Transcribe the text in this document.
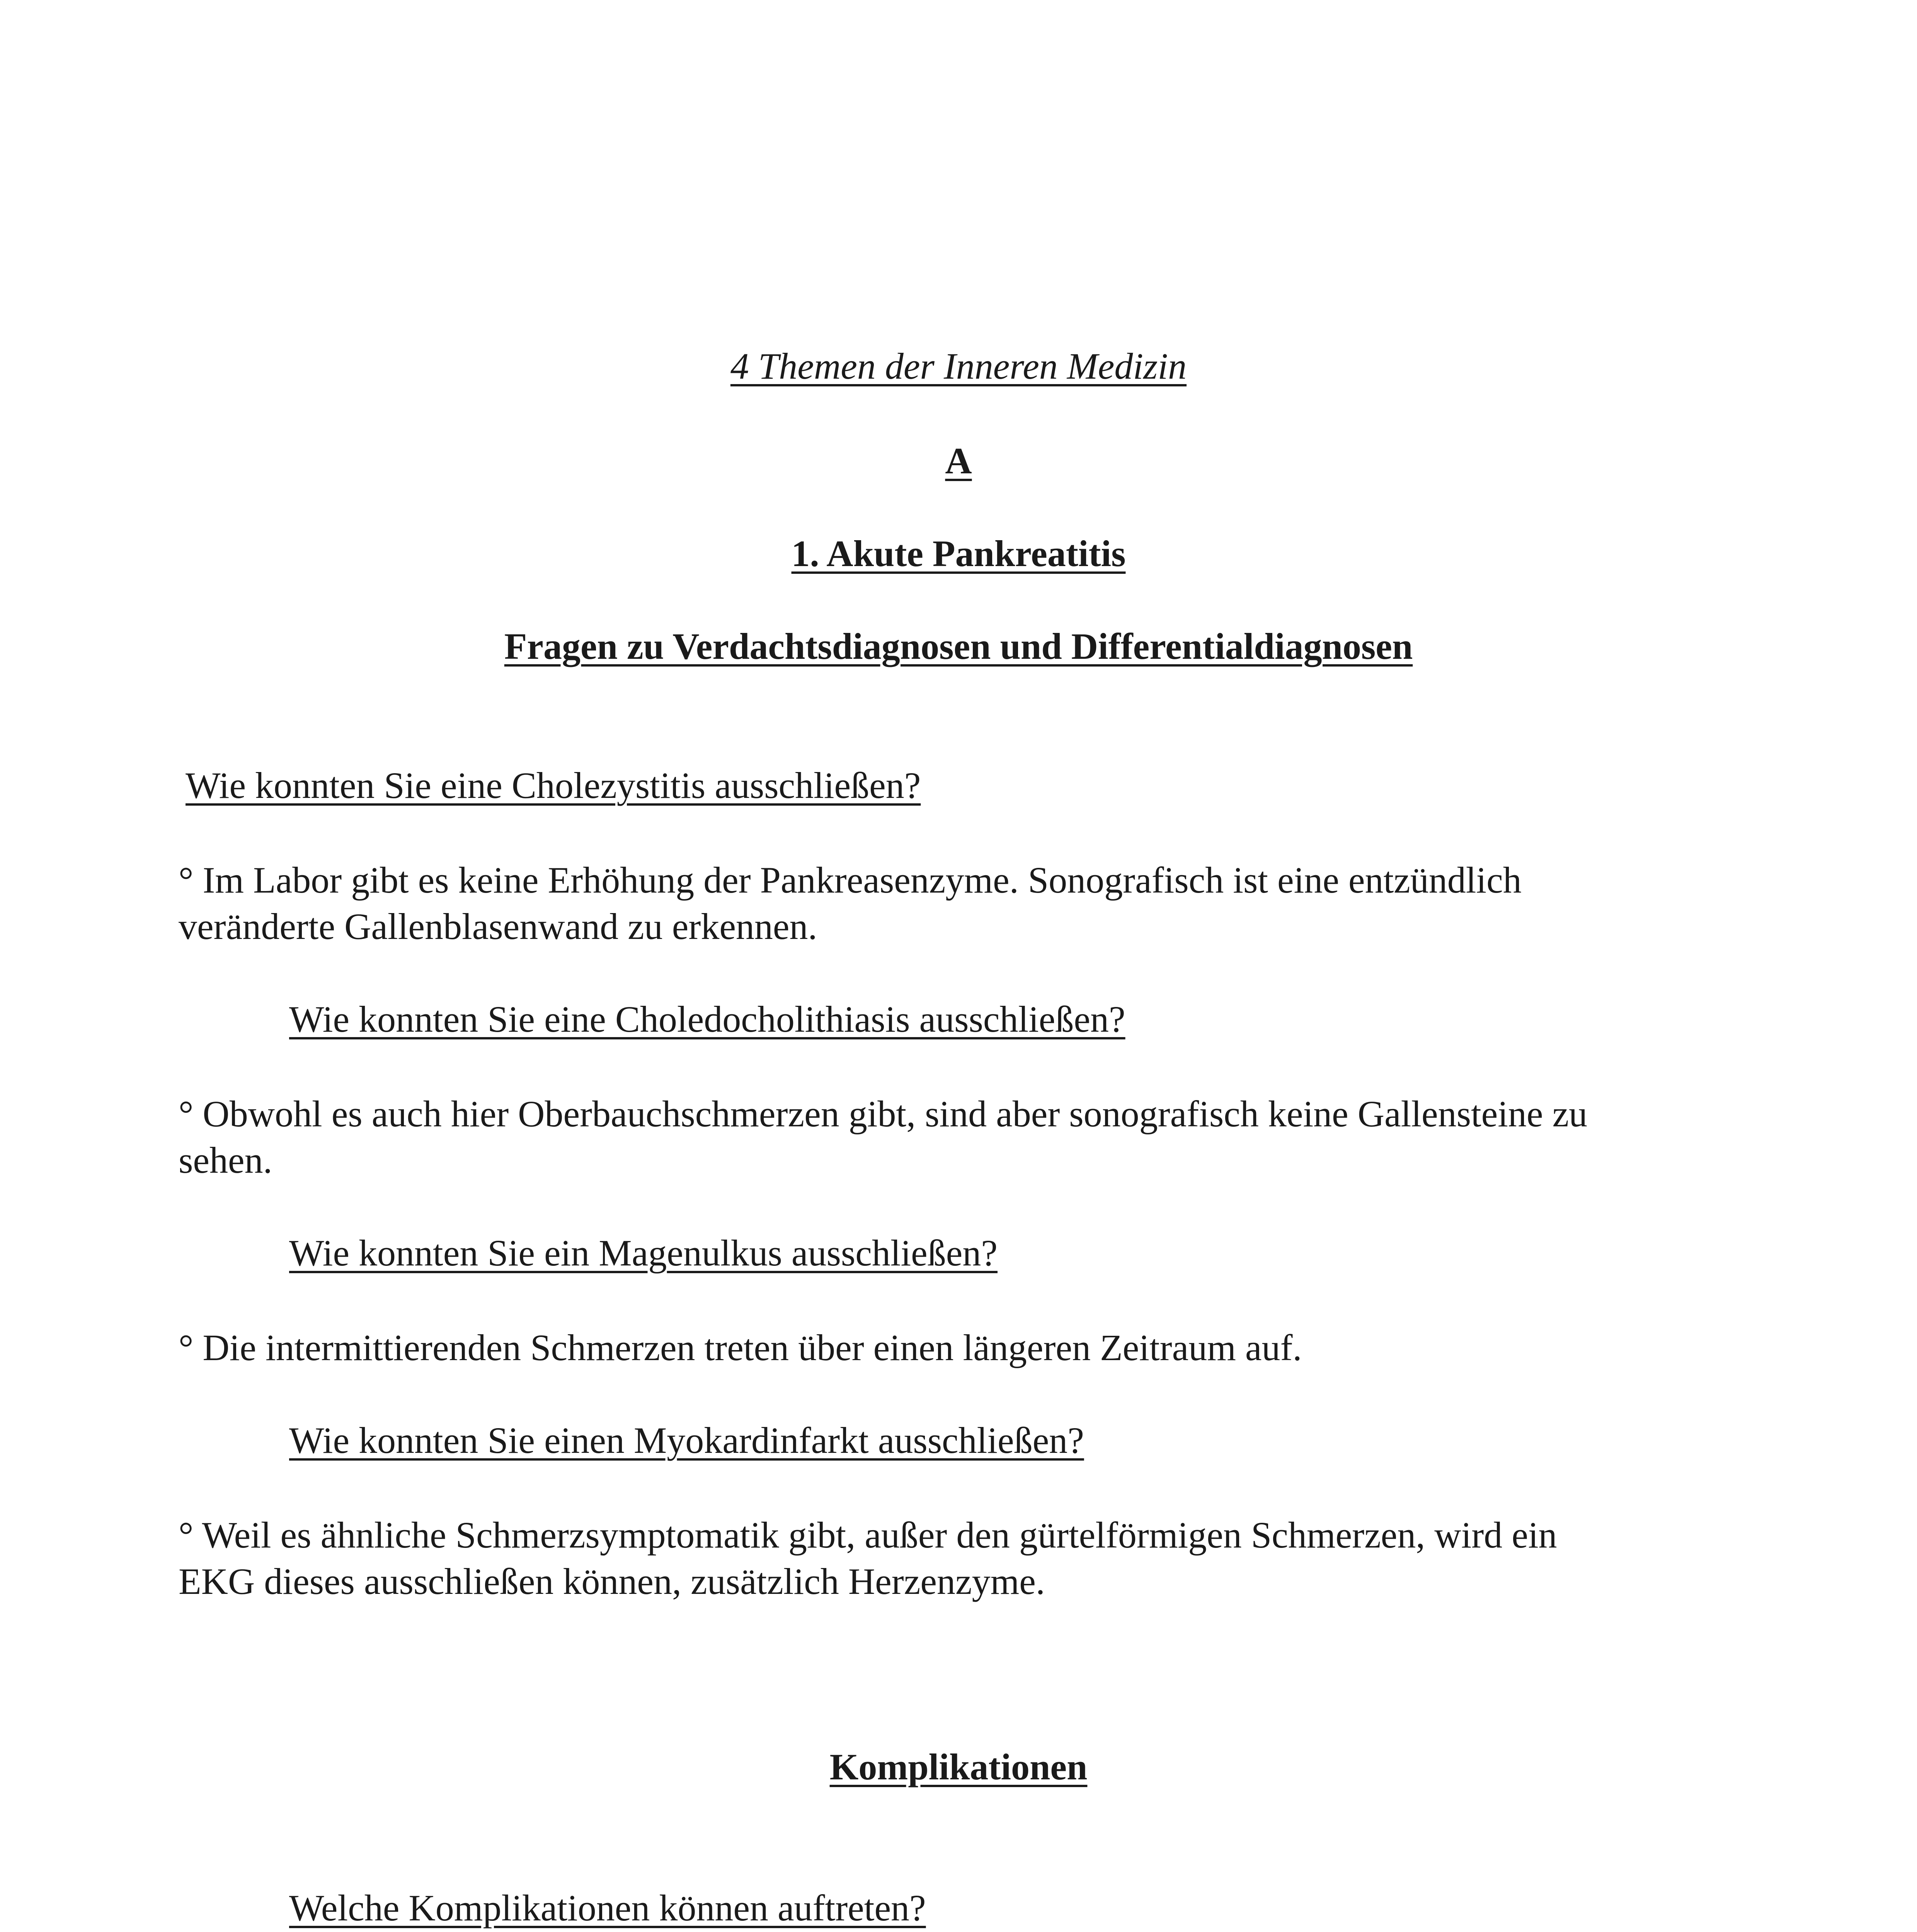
4 Themen der Inneren Medizin
A
1. Akute Pankreatitis
Fragen zu Verdachtsdiagnosen und Differentialdiagnosen
Wie konnten Sie eine Cholezystitis ausschließen?
° Im Labor gibt es keine Erhöhung der Pankreasenzyme. Sonografisch ist eine entzündlich
veränderte Gallenblasenwand zu erkennen.
Wie konnten Sie eine Choledocholithiasis ausschließen?
° Obwohl es auch hier Oberbauchschmerzen gibt, sind aber sonografisch keine Gallensteine zu
sehen.
Wie konnten Sie ein Magenulkus ausschließen?
° Die intermittierenden Schmerzen treten über einen längeren Zeitraum auf.
Wie konnten Sie einen Myokardinfarkt ausschließen?
° Weil es ähnliche Schmerzsymptomatik gibt, außer den gürtelförmigen Schmerzen, wird ein
EKG dieses ausschließen können, zusätzlich Herzenzyme.
Komplikationen
Welche Komplikationen können auftreten?
